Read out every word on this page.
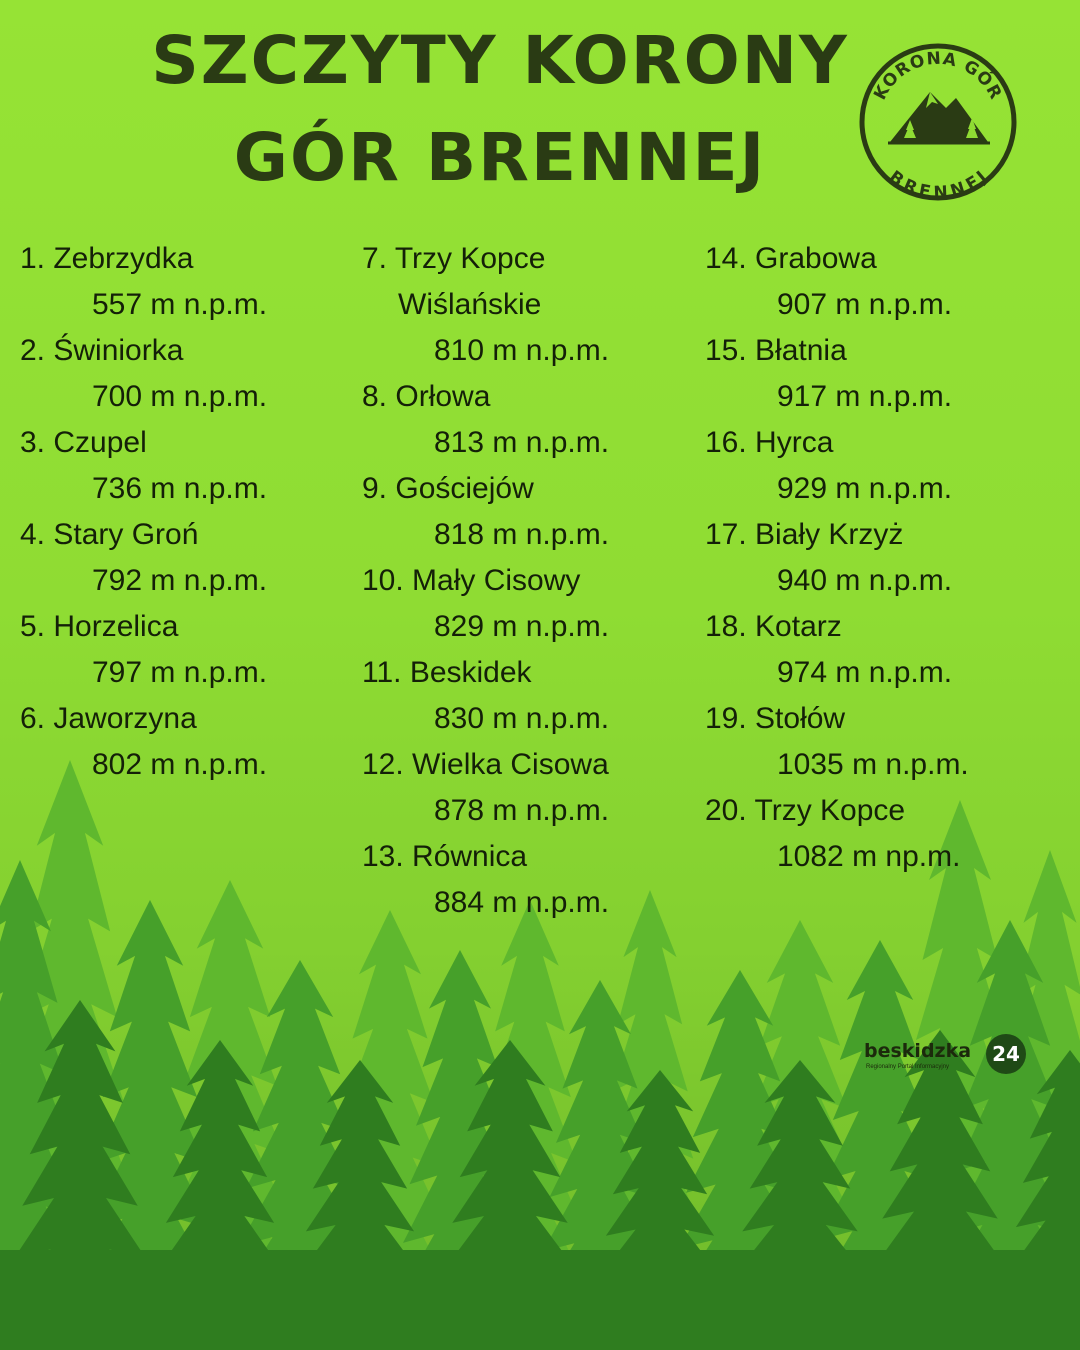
SZCZYTY KORONY
GÓR BRENNEJ
KORONA GÓR
BRENNEJ
1. Zebrzydka
557 m n.p.m.
2. Świniorka
700 m n.p.m.
3. Czupel
736 m n.p.m.
4. Stary Groń
792 m n.p.m.
5. Horzelica
797 m n.p.m.
6. Jaworzyna
802 m n.p.m.
7. Trzy Kopce
Wiślańskie
810 m n.p.m.
8. Orłowa
813 m n.p.m.
9. Gościejów
818 m n.p.m.
10. Mały Cisowy
829 m n.p.m.
11. Beskidek
830 m n.p.m.
12. Wielka Cisowa
878 m n.p.m.
13. Równica
884 m n.p.m.
14. Grabowa
907 m n.p.m.
15. Błatnia
917 m n.p.m.
16. Hyrca
929 m n.p.m.
17. Biały Krzyż
940 m n.p.m.
18. Kotarz
974 m n.p.m.
19. Stołów
1035 m n.p.m.
20. Trzy Kopce
1082 m np.m.
beskidzka
Regionalny Portal Informacyjny
24
